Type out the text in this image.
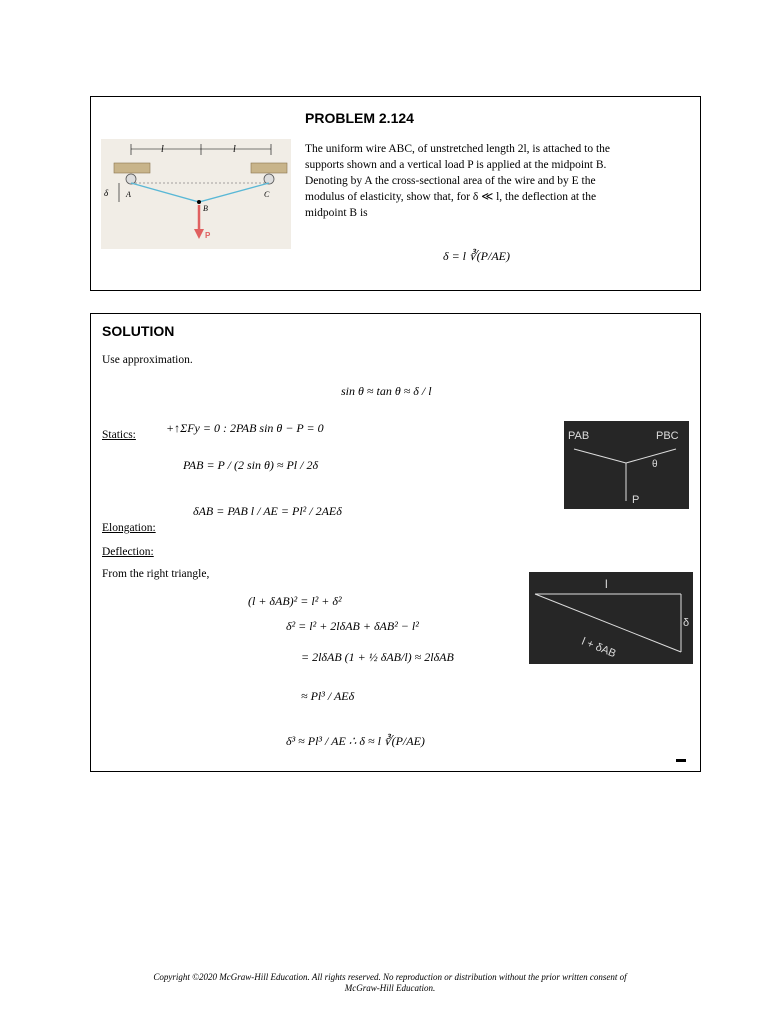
PROBLEM 2.124
l	l
δ A
B
C
P
The uniform wire ABC, of unstretched length 2l, is attached to the
supports shown and a vertical load P is applied at the midpoint B.
Denoting by A the cross-sectional area of the wire and by E the
modulus of elasticity, show that, for δ ≪ l, the deflection at the
midpoint B is
δ = l ∛(P/AE)
SOLUTION
Use approximation.
sin θ ≈ tan θ ≈ δ / l
Statics:	+↑ΣFy = 0 : 2PAB sin θ − P = 0
PAB = P / (2 sin θ) ≈ Pl / 2δ
δAB = PAB l / AE = Pl² / 2AEδ
Elongation:
Deflection:
From the right triangle,
(l + δAB)² = l² + δ²
δ² = l² + 2lδAB + δAB² − l²
= 2lδAB (1 + ½ δAB/l) ≈ 2lδAB
≈ Pl³ / AEδ
δ³ ≈ Pl³ / AE ∴ δ ≈ l ∛(P/AE)
PAB	PBC
θ
P
l
δ
l + δAB
▬
Copyright ©2020 McGraw-Hill Education. All rights reserved. No reproduction or distribution without the prior written consent of
McGraw-Hill Education.
